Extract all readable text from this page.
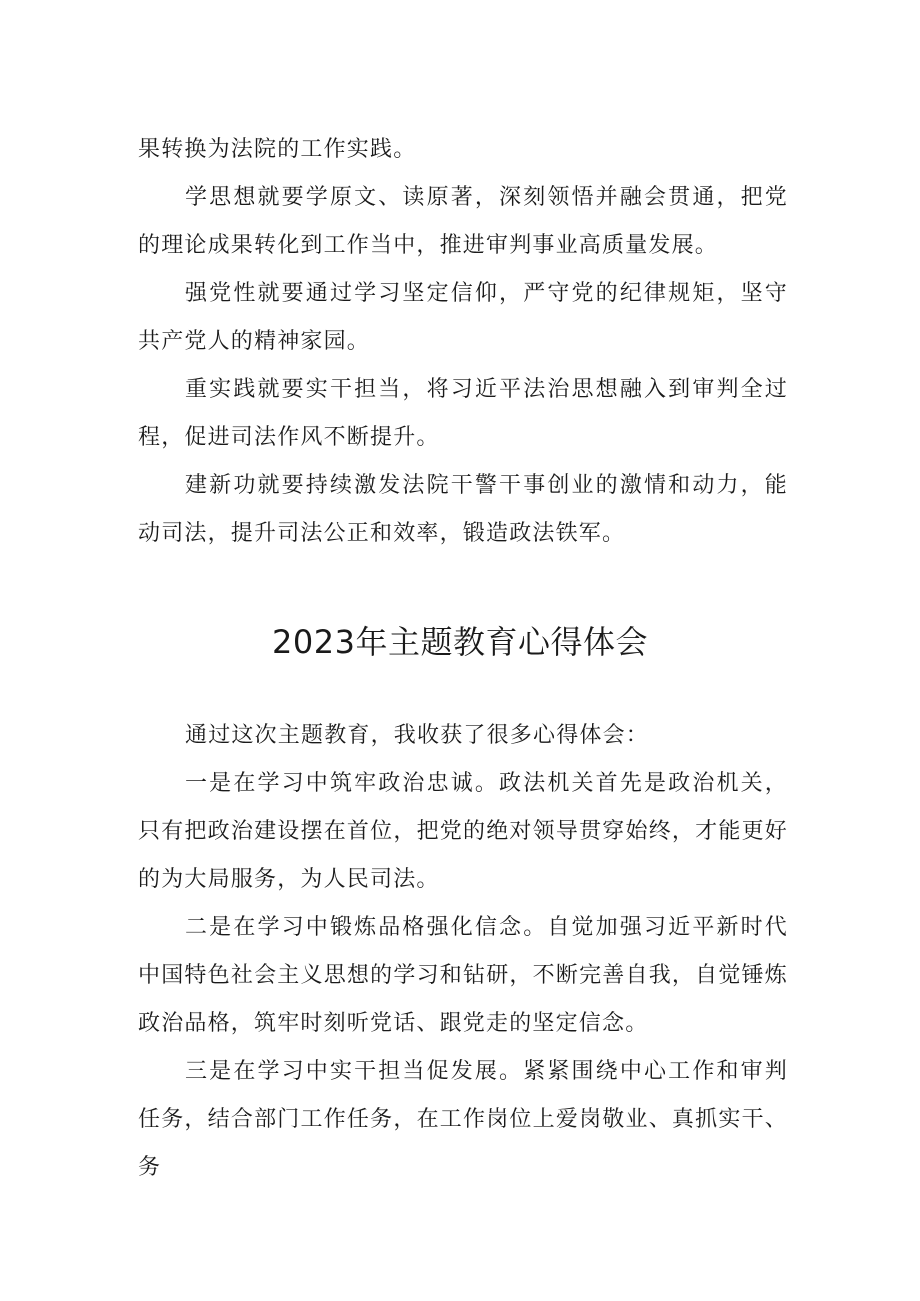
果转换为法院的工作实践。

学思想就要学原文、读原著，深刻领悟并融会贯通，把党的理论成果转化到工作当中，推进审判事业高质量发展。

强党性就要通过学习坚定信仰，严守党的纪律规矩，坚守共产党人的精神家园。

重实践就要实干担当，将习近平法治思想融入到审判全过程，促进司法作风不断提升。

建新功就要持续激发法院干警干事创业的激情和动力，能动司法，提升司法公正和效率，锻造政法铁军。

2023年主题教育心得体会

通过这次主题教育，我收获了很多心得体会：

一是在学习中筑牢政治忠诚。政法机关首先是政治机关，只有把政治建设摆在首位，把党的绝对领导贯穿始终，才能更好的为大局服务，为人民司法。

二是在学习中锻炼品格强化信念。自觉加强习近平新时代中国特色社会主义思想的学习和钻研，不断完善自我，自觉锤炼政治品格，筑牢时刻听党话、跟党走的坚定信念。

三是在学习中实干担当促发展。紧紧围绕中心工作和审判任务，结合部门工作任务，在工作岗位上爱岗敬业、真抓实干、务
